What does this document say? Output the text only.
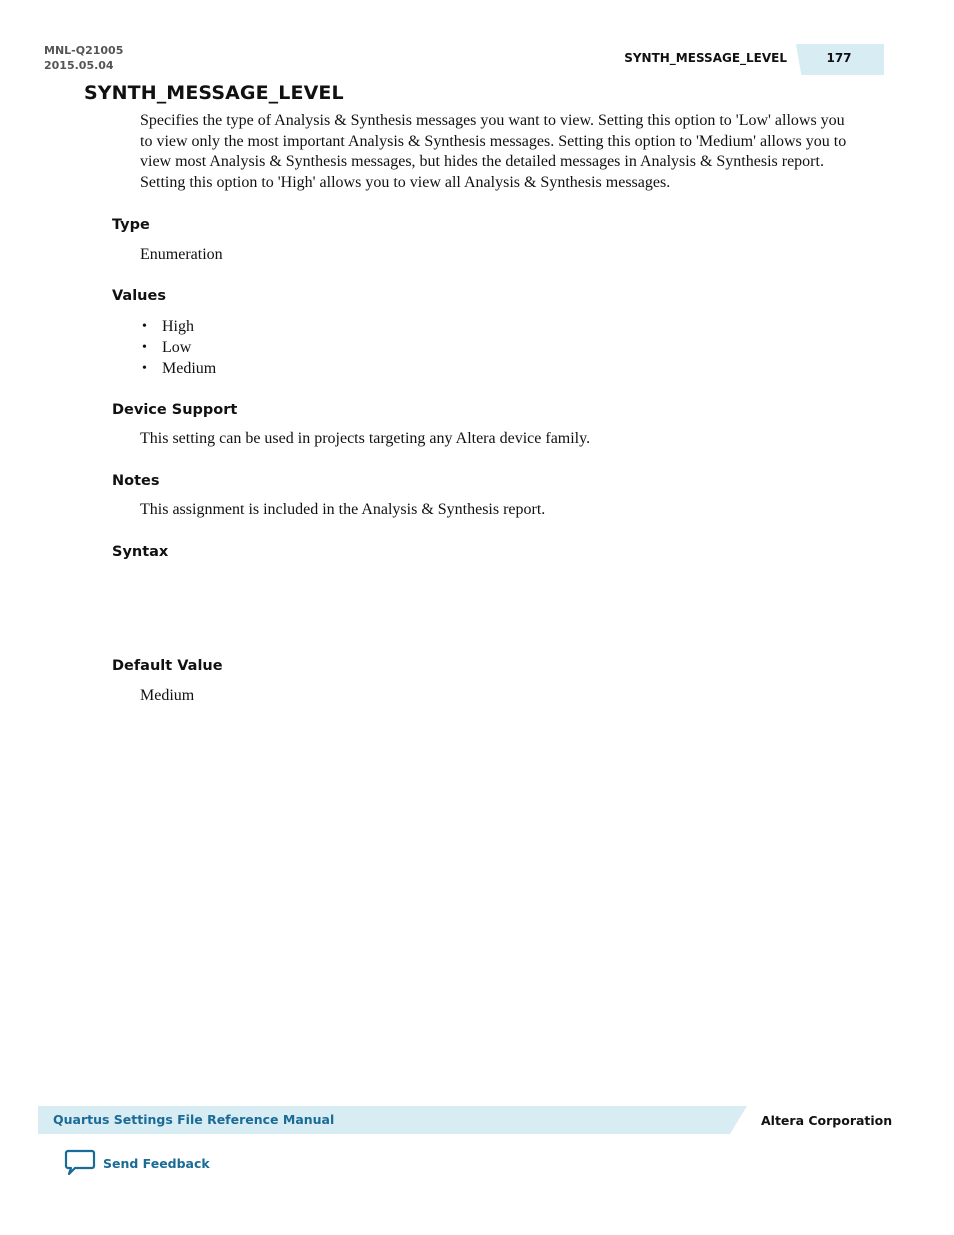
MNL-Q21005
2015.05.04
SYNTH_MESSAGE_LEVEL	177
SYNTH_MESSAGE_LEVEL

Specifies the type of Analysis & Synthesis messages you want to view. Setting this option to 'Low' allows you to view only the most important Analysis & Synthesis messages. Setting this option to 'Medium' allows you to view most Analysis & Synthesis messages, but hides the detailed messages in Analysis & Synthesis report. Setting this option to 'High' allows you to view all Analysis & Synthesis messages.

Type

Enumeration

Values
• High
• Low
• Medium
Device Support

This setting can be used in projects targeting any Altera device family.

Notes

This assignment is included in the Analysis & Synthesis report.

Syntax
Default Value

Medium

Quartus Settings File Reference Manual	Altera Corporation
Send Feedback
